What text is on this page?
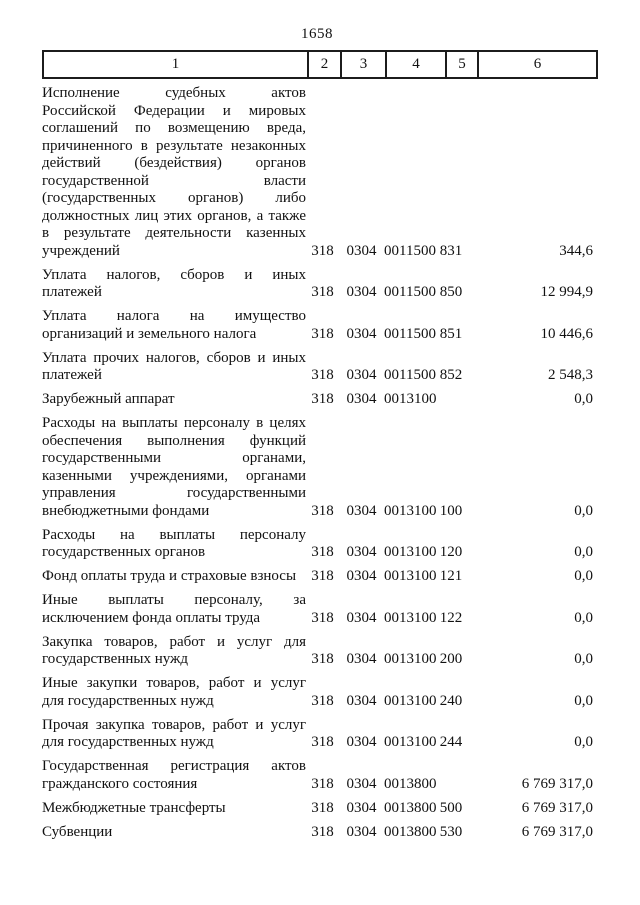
1658
1	2	3	4	5	6
Исполнение судебных актов
Российской Федерации и мировых
соглашений по возмещению вреда,
причиненного в результате незаконных
действий (бездействия) органов
государственной власти
(государственных органов) либо
должностных лиц этих органов, а также
в результате деятельности казенных
учреждений	318 0304 0011500 831	344,6
Уплата налогов, сборов и иных
платежей	318 0304 0011500 850	12 994,9
Уплата налога на имущество
организаций и земельного налога	318 0304 0011500 851	10 446,6
Уплата прочих налогов, сборов и иных
платежей	318 0304 0011500 852	2 548,3
Зарубежный аппарат	318 0304 0013100	0,0
Расходы на выплаты персоналу в целях
обеспечения выполнения функций
государственными органами,
казенными учреждениями, органами
управления государственными
внебюджетными фондами	318 0304 0013100 100	0,0
Расходы на выплаты персоналу
государственных органов	318 0304 0013100 120	0,0
Фонд оплаты труда и страховые взносы	318 0304 0013100 121	0,0
Иные выплаты персоналу, за
исключением фонда оплаты труда	318 0304 0013100 122	0,0
Закупка товаров, работ и услуг для
государственных нужд	318 0304 0013100 200	0,0
Иные закупки товаров, работ и услуг
для государственных нужд	318 0304 0013100 240	0,0
Прочая закупка товаров, работ и услуг
для государственных нужд	318 0304 0013100 244	0,0
Государственная регистрация актов
гражданского состояния	318 0304 0013800	6 769 317,0
Межбюджетные трансферты	318 0304 0013800 500	6 769 317,0
Субвенции	318 0304 0013800 530	6 769 317,0
